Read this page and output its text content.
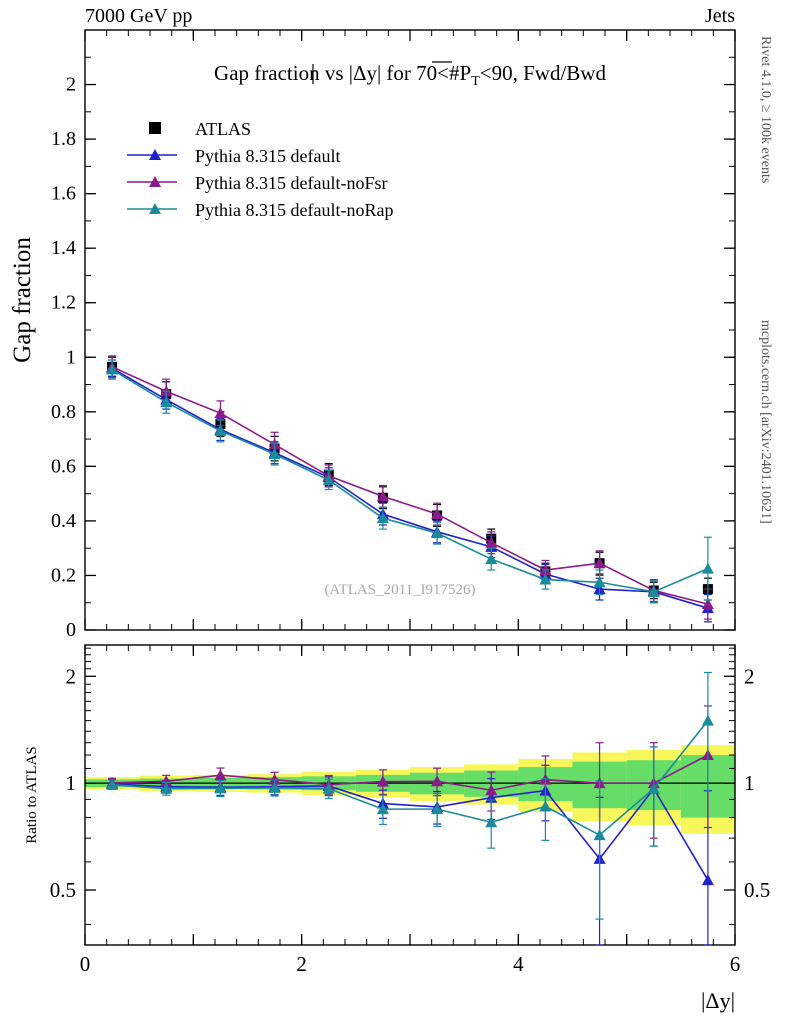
7000 GeV pp	Jets
Rivet 4.1.0, ≥ 100k events
mcplots.cern.ch [arXiv:2401.10621]
0
0.2
0.4
0.6
0.8
1
1.2
1.4
1.6
1.8
2
0.5	0.5
1	1
2	2
0	2	4	6
Gap fraction
Ratio to ATLAS
|Δy|
Gap fraction vs |Δy| for $70<\#P_T<90$, Fwd/Bwd
(ATLAS_2011_I917526)
ATLAS
Pythia 8.315 default
Pythia 8.315 default-noFsr
Pythia 8.315 default-noRap
